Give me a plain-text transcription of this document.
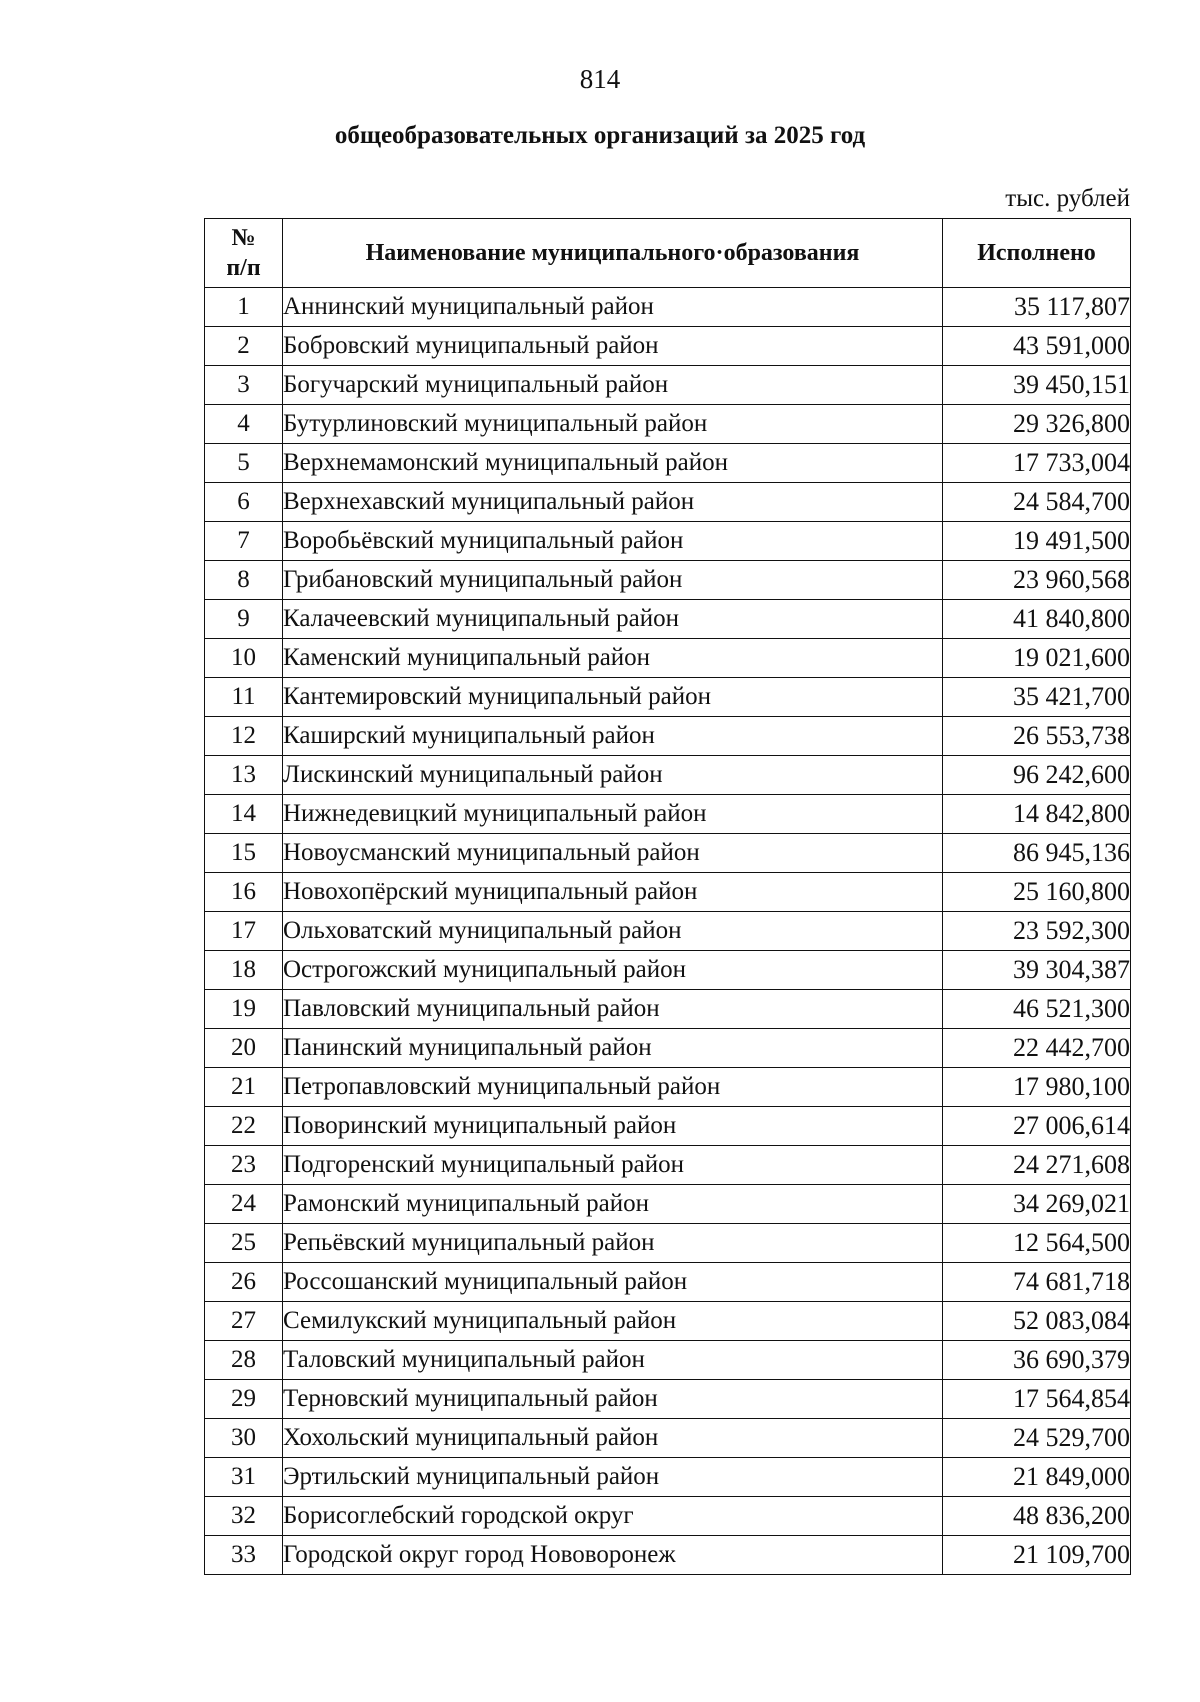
814
общеобразовательных организаций за 2025 год
тыс. рублей
№
п/п	Наименование муниципального·образования	Исполнено
1	Аннинский муниципальный район	35 117,807
2	Бобровский муниципальный район	43 591,000
3	Богучарский муниципальный район	39 450,151
4	Бутурлиновский муниципальный район	29 326,800
5	Верхнемамонский муниципальный район	17 733,004
6	Верхнехавский муниципальный район	24 584,700
7	Воробьёвский муниципальный район	19 491,500
8	Грибановский муниципальный район	23 960,568
9	Калачеевский муниципальный район	41 840,800
10	Каменский муниципальный район	19 021,600
11	Кантемировский муниципальный район	35 421,700
12	Каширский муниципальный район	26 553,738
13	Лискинский муниципальный район	96 242,600
14	Нижнедевицкий муниципальный район	14 842,800
15	Новоусманский муниципальный район	86 945,136
16	Новохопёрский муниципальный район	25 160,800
17	Ольховатский муниципальный район	23 592,300
18	Острогожский муниципальный район	39 304,387
19	Павловский муниципальный район	46 521,300
20	Панинский муниципальный район	22 442,700
21	Петропавловский муниципальный район	17 980,100
22	Поворинский муниципальный район	27 006,614
23	Подгоренский муниципальный район	24 271,608
24	Рамонский муниципальный район	34 269,021
25	Репьёвский муниципальный район	12 564,500
26	Россошанский муниципальный район	74 681,718
27	Семилукский муниципальный район	52 083,084
28	Таловский муниципальный район	36 690,379
29	Терновский муниципальный район	17 564,854
30	Хохольский муниципальный район	24 529,700
31	Эртильский муниципальный район	21 849,000
32	Борисоглебский городской округ	48 836,200
33	Городской округ город Нововоронеж	21 109,700
